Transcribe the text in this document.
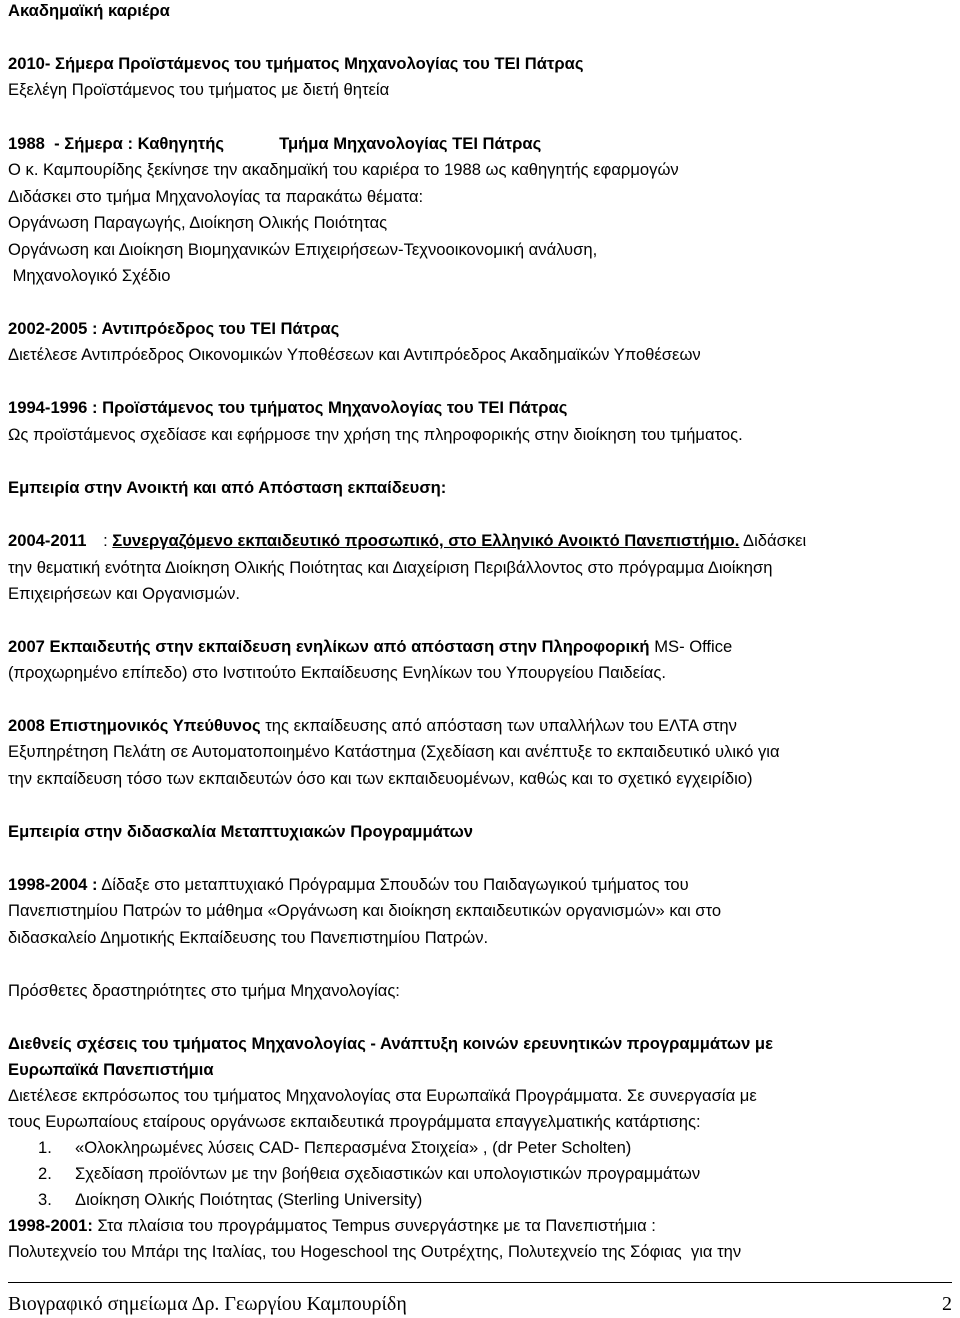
Ακαδημαϊκή καριέρα
2010- Σήμερα Προϊστάμενος του τμήματος Μηχανολογίας του ΤΕΙ Πάτρας
Εξελέγη Προϊστάμενος του τμήματος με διετή θητεία
1988  - Σήμερα : Καθηγητής	Τμήμα Μηχανολογίας ΤΕΙ Πάτρας
Ο κ. Καμπουρίδης ξεκίνησε την ακαδημαϊκή του καριέρα το 1988 ως καθηγητής εφαρμογών
Διδάσκει στο τμήμα Μηχανολογίας τα παρακάτω θέματα:
Οργάνωση Παραγωγής, Διοίκηση Ολικής Ποιότητας
Οργάνωση και Διοίκηση Βιομηχανικών Επιχειρήσεων-Τεχνοοικονομική ανάλυση,
Μηχανολογικό Σχέδιο
2002-2005 : Αντιπρόεδρος του ΤΕΙ Πάτρας
Διετέλεσε Αντιπρόεδρος Οικονομικών Υποθέσεων και Αντιπρόεδρος Ακαδημαϊκών Υποθέσεων
1994-1996 : Προϊστάμενος του τμήματος Μηχανολογίας του ΤΕΙ Πάτρας
Ως προϊστάμενος σχεδίασε και εφήρμοσε την χρήση της πληροφορικής στην διοίκηση του τμήματος.
Εμπειρία στην Ανοικτή και από Απόσταση εκπαίδευση:
2004-2011 : Συνεργαζόμενο εκπαιδευτικό προσωπικό, στο Ελληνικό Ανοικτό Πανεπιστήμιο. Διδάσκει
την θεματική ενότητα Διοίκηση Ολικής Ποιότητας και Διαχείριση Περιβάλλοντος στο πρόγραμμα Διοίκηση
Επιχειρήσεων και Οργανισμών.
2007 Εκπαιδευτής στην εκπαίδευση ενηλίκων από απόσταση στην Πληροφορική MS- Office
(προχωρημένο επίπεδο) στο Ινστιτούτο Εκπαίδευσης Ενηλίκων του Υπουργείου Παιδείας.
2008 Επιστημονικός Υπεύθυνος της εκπαίδευσης από απόσταση των υπαλλήλων του ΕΛΤΑ στην
Εξυπηρέτηση Πελάτη σε Αυτοματοποιημένο Κατάστημα (Σχεδίαση και ανέπτυξε το εκπαιδευτικό υλικό για
την εκπαίδευση τόσο των εκπαιδευτών όσο και των εκπαιδευομένων, καθώς και το σχετικό εγχειρίδιο)
Εμπειρία στην διδασκαλία Μεταπτυχιακών Προγραμμάτων
1998-2004 : Δίδαξε στο μεταπτυχιακό Πρόγραμμα Σπουδών του Παιδαγωγικού τμήματος του
Πανεπιστημίου Πατρών το μάθημα «Οργάνωση και διοίκηση εκπαιδευτικών οργανισμών» και στο
διδασκαλείο Δημοτικής Εκπαίδευσης του Πανεπιστημίου Πατρών.
Πρόσθετες δραστηριότητες στο τμήμα Μηχανολογίας:
Διεθνείς σχέσεις του τμήματος Μηχανολογίας - Ανάπτυξη κοινών ερευνητικών προγραμμάτων με
Ευρωπαϊκά Πανεπιστήμια
Διετέλεσε εκπρόσωπος του τμήματος Μηχανολογίας στα Ευρωπαϊκά Προγράμματα. Σε συνεργασία με
τους Ευρωπαίους εταίρους οργάνωσε εκπαιδευτικά προγράμματα επαγγελματικής κατάρτισης:
1. «Ολοκληρωμένες λύσεις CAD- Πεπερασμένα Στοιχεία» , (dr Peter Scholten)
2. Σχεδίαση προϊόντων με την βοήθεια σχεδιαστικών και υπολογιστικών προγραμμάτων
3. Διοίκηση Ολικής Ποιότητας (Sterling University)
1998-2001: Στα πλαίσια του προγράμματος Tempus συνεργάστηκε με τα Πανεπιστήμια :
Πολυτεχνείο του Μπάρι της Ιταλίας, του Hogeschool της Ουτρέχτης, Πολυτεχνείο της Σόφιας  για την
Βιογραφικό σημείωμα Δρ. Γεωργίου Καμπουρίδη	2
